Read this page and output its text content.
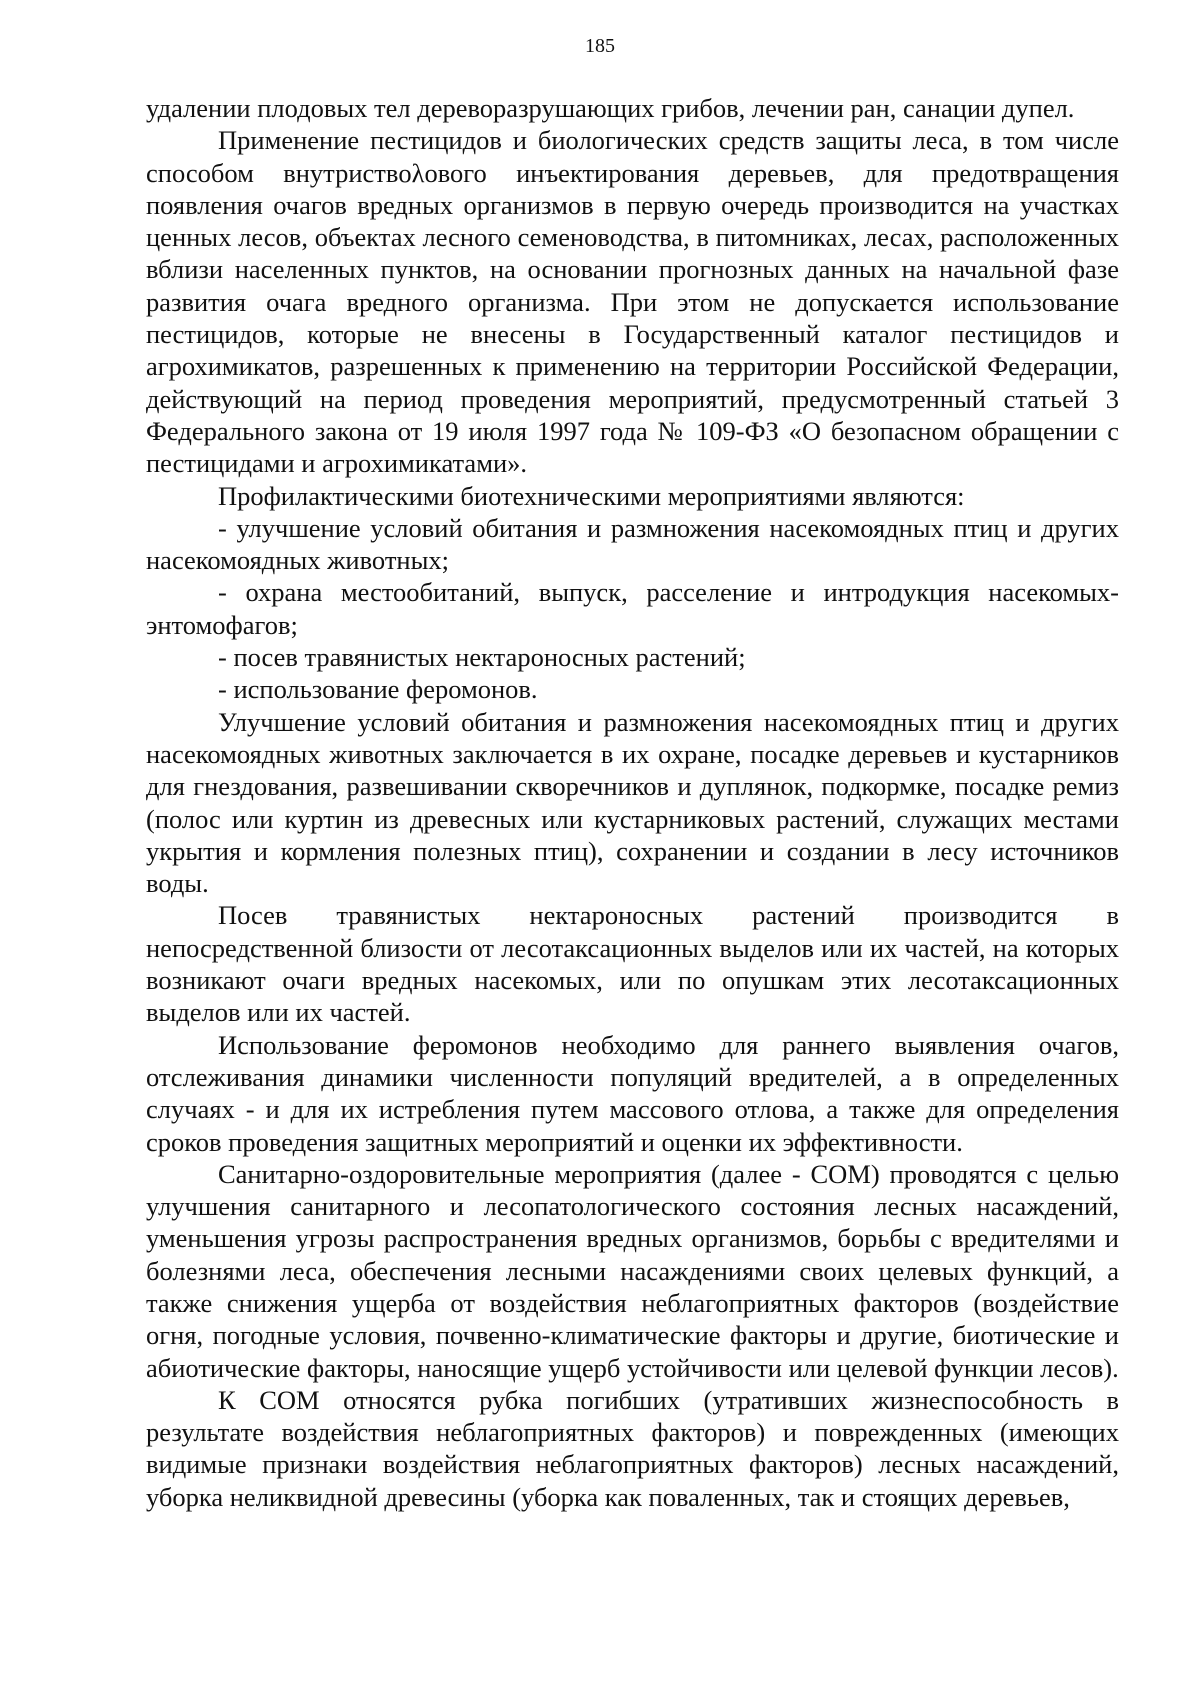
185

удалении плодовых тел дереворазрушающих грибов, лечении ран, санации дупел.

Применение пестицидов и биологических средств защиты леса, в том числе способом внутриствολового инъектирования деревьев, для предотвращения появления очагов вредных организмов в первую очередь производится на участках ценных лесов, объектах лесного семеноводства, в питомниках, лесах, расположенных вблизи населенных пунктов, на основании прогнозных данных на начальной фазе развития очага вредного организма. При этом не допускается использование пестицидов, которые не внесены в Государственный каталог пестицидов и агрохимикатов, разрешенных к применению на территории Российской Федерации, действующий на период проведения мероприятий, предусмотренный статьей 3 Федерального закона от 19 июля 1997 года № 109-ФЗ «О безопасном обращении с пестицидами и агрохимикатами».

Профилактическими биотехническими мероприятиями являются:

- улучшение условий обитания и размножения насекомоядных птиц и других насекомоядных животных;

- охрана местообитаний, выпуск, расселение и интродукция насекомых-энтомофагов;

- посев травянистых нектароносных растений;

- использование феромонов.

Улучшение условий обитания и размножения насекомоядных птиц и других насекомоядных животных заключается в их охране, посадке деревьев и кустарников для гнездования, развешивании скворечников и дуплянок, подкормке, посадке ремиз (полос или куртин из древесных или кустарниковых растений, служащих местами укрытия и кормления полезных птиц), сохранении и создании в лесу источников воды.

Посев травянистых нектароносных растений производится в непосредственной близости от лесотаксационных выделов или их частей, на которых возникают очаги вредных насекомых, или по опушкам этих лесотаксационных выделов или их частей.

Использование феромонов необходимо для раннего выявления очагов, отслеживания динамики численности популяций вредителей, а в определенных случаях - и для их истребления путем массового отлова, а также для определения сроков проведения защитных мероприятий и оценки их эффективности.

Санитарно-оздоровительные мероприятия (далее - СОМ) проводятся с целью улучшения санитарного и лесопатологического состояния лесных насаждений, уменьшения угрозы распространения вредных организмов, борьбы с вредителями и болезнями леса, обеспечения лесными насаждениями своих целевых функций, а также снижения ущерба от воздействия неблагоприятных факторов (воздействие огня, погодные условия, почвенно-климатические факторы и другие, биотические и абиотические факторы, наносящие ущерб устойчивости или целевой функции лесов).

К СОМ относятся рубка погибших (утративших жизнеспособность в результате воздействия неблагоприятных факторов) и поврежденных (имеющих видимые признаки воздействия неблагоприятных факторов) лесных насаждений, уборка неликвидной древесины (уборка как поваленных, так и стоящих деревьев,
